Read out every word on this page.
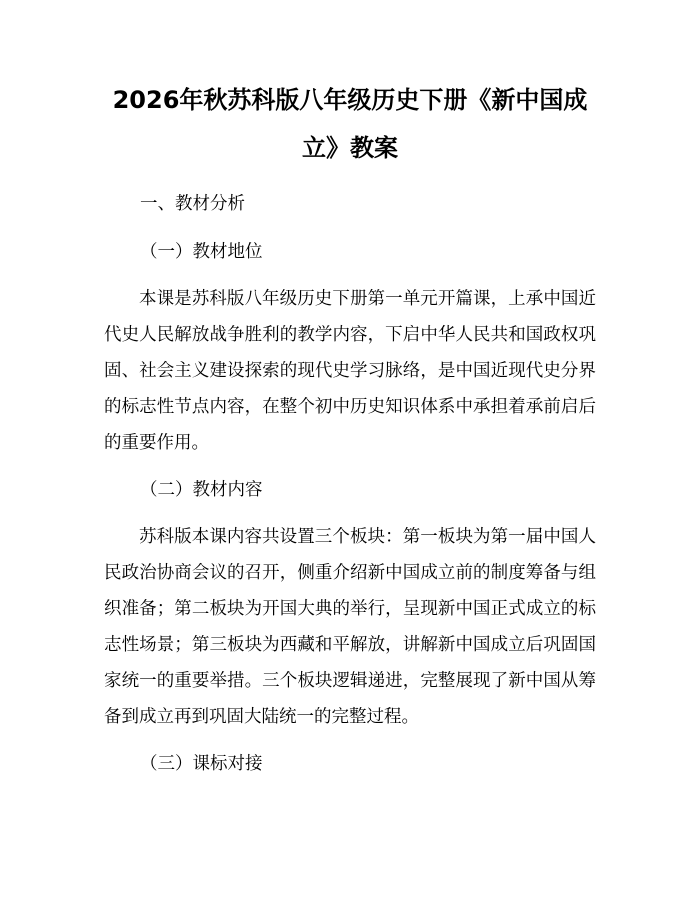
2026年秋苏科版八年级历史下册《新中国成立》教案
一、教材分析
（一）教材地位
本课是苏科版八年级历史下册第一单元开篇课，上承中国近代史人民解放战争胜利的教学内容，下启中华人民共和国政权巩固、社会主义建设探索的现代史学习脉络，是中国近现代史分界的标志性节点内容，在整个初中历史知识体系中承担着承前启后的重要作用。
（二）教材内容
苏科版本课内容共设置三个板块：第一板块为第一届中国人民政治协商会议的召开，侧重介绍新中国成立前的制度筹备与组织准备；第二板块为开国大典的举行，呈现新中国正式成立的标志性场景；第三板块为西藏和平解放，讲解新中国成立后巩固国家统一的重要举措。三个板块逻辑递进，完整展现了新中国从筹备到成立再到巩固大陆统一的完整过程。
（三）课标对接
